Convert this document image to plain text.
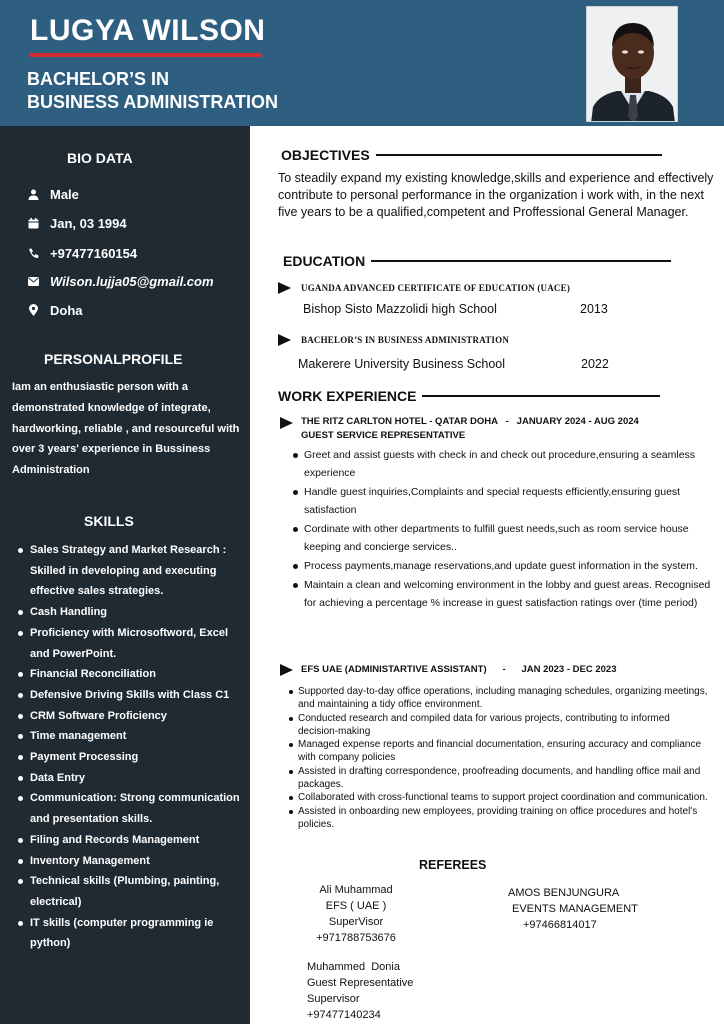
LUGYA WILSON
BACHELOR’S IN
BUSINESS ADMINISTRATION
BIO DATA
Male
Jan, 03 1994
+97477160154
Wilson.lujja05@gmail.com
Doha
PERSONALPROFILE
Iam an enthusiastic person with a demonstrated knowledge of integrate, hardworking, reliable , and resourceful with over 3 years' experience in Bussiness Administration
SKILLS
Sales Strategy and Market Research : Skilled in developing and executing effective sales strategies.
Cash Handling
Proficiency with Microsoftword, Excel and PowerPoint.
Financial Reconciliation
Defensive Driving Skills with Class C1
CRM Software Proficiency
Time management
Payment Processing
Data Entry
Communication: Strong communication and presentation skills.
Filing and Records Management
Inventory Management
Technical skills (Plumbing, painting, electrical)
IT skills (computer programming ie python)
OBJECTIVES
To steadily expand my existing knowledge,skills and experience and effectively contribute to personal performance in the organization i work with, in the next five years to be a qualified,competent and Proffessional General Manager.
EDUCATION
UGANDA ADVANCED CERTIFICATE OF EDUCATION (UACE)
Bishop Sisto Mazzolidi high School	2013
BACHELOR’S IN BUSINESS ADMINISTRATION
Makerere University Business School	2022
WORK EXPERIENCE
THE RITZ CARLTON HOTEL - QATAR DOHA   -   JANUARY 2024 - AUG 2024
GUEST SERVICE REPRESENTATIVE
Greet and assist guests with check in and check out procedure,ensuring a seamless experience
Handle guest inquiries,Complaints and special requests efficiently,ensuring guest satisfaction
Cordinate with other departments to fulfill guest needs,such as room service house keeping and concierge services..
Process payments,manage reservations,and update guest information in the system.
Maintain a clean and welcoming environment in the lobby and guest areas. Recognised for achieving a percentage % increase in guest satisfaction ratings over (time period)
EFS UAE (ADMINISTARTIVE ASSISTANT)      -      JAN 2023 - DEC 2023
Supported day-to-day office operations, including managing schedules, organizing meetings, and maintaining a tidy office environment.
Conducted research and compiled data for various projects, contributing to informed decision-making
Managed expense reports and financial documentation, ensuring accuracy and compliance with company policies
Assisted in drafting correspondence, proofreading documents, and handling office mail and packages.
Collaborated with cross-functional teams to support project coordination and communication.
Assisted in onboarding new employees, providing training on office procedures and hotel's policies.
REFEREES
Ali Muhammad
EFS ( UAE )
SuperVisor
+971788753676
AMOS BENJUNGURA
EVENTS MANAGEMENT
+97466814017
Muhammed  Donia
Guest Representative
Supervisor
+97477140234
